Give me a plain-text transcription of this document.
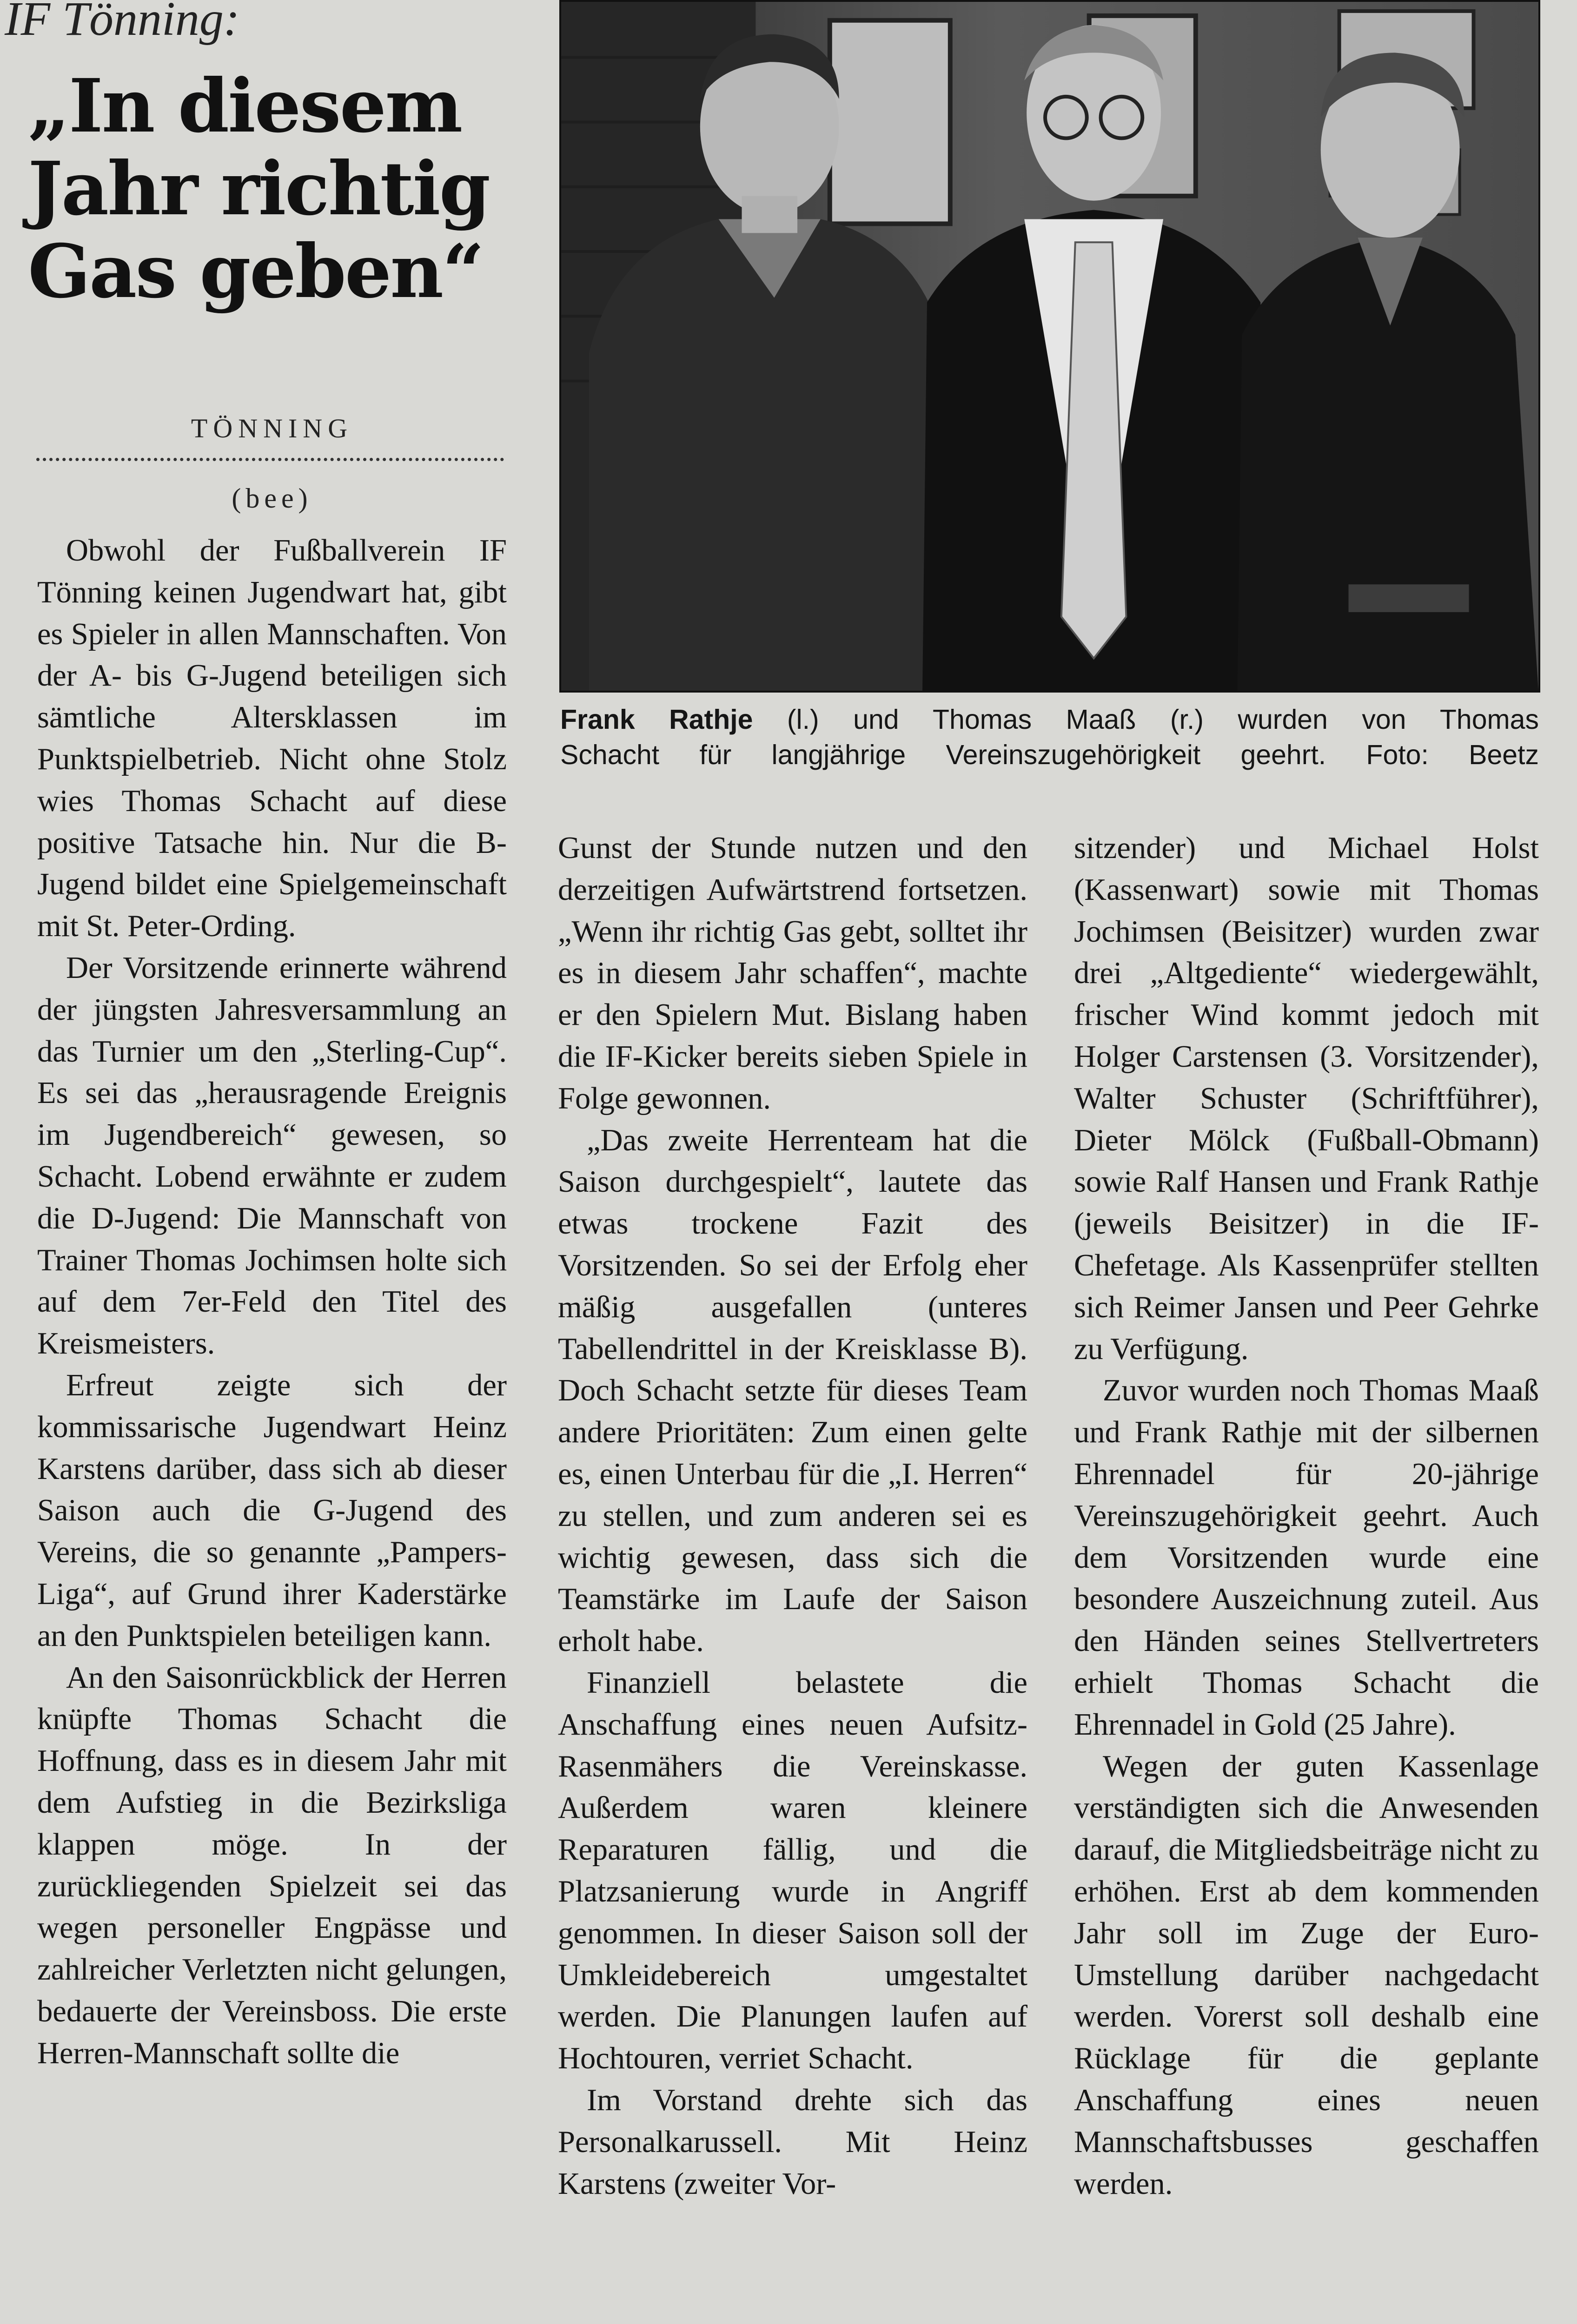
IF Tönning:
„In diesem
Jahr richtig
Gas geben“
TÖNNING
(bee)
Frank Rathje (l.) und Thomas Maaß (r.) wurden von Thomas
Schacht für langjährige Vereinszugehörigkeit geehrt. Foto: Beetz

Obwohl der Fußballverein IF Tönning keinen Jugendwart hat, gibt es Spieler in allen Mannschaften. Von der A- bis G-Jugend beteiligen sich sämtliche Altersklassen im Punktspielbetrieb. Nicht ohne Stolz wies Thomas Schacht auf diese positive Tatsache hin. Nur die B-Jugend bildet eine Spielgemeinschaft mit St. Peter-Ording.

Der Vorsitzende erinnerte während der jüngsten Jahresversammlung an das Turnier um den „Sterling-Cup“. Es sei das „herausragende Ereignis im Jugendbereich“ gewesen, so Schacht. Lobend erwähnte er zudem die D-Jugend: Die Mannschaft von Trainer Thomas Jochimsen holte sich auf dem 7er-Feld den Titel des Kreismeisters.

Erfreut zeigte sich der kommissarische Jugendwart Heinz Karstens darüber, dass sich ab dieser Saison auch die G-Jugend des Vereins, die so genannte „Pampers-Liga“, auf Grund ihrer Kaderstärke an den Punktspielen beteiligen kann.

An den Saisonrückblick der Herren knüpfte Thomas Schacht die Hoffnung, dass es in diesem Jahr mit dem Aufstieg in die Bezirksliga klappen möge. In der zurückliegenden Spielzeit sei das wegen personeller Engpässe und zahlreicher Verletzten nicht gelungen, bedauerte der Vereinsboss. Die erste Herren-Mannschaft sollte die

Gunst der Stunde nutzen und den derzeitigen Aufwärtstrend fortsetzen. „Wenn ihr richtig Gas gebt, solltet ihr es in diesem Jahr schaffen“, machte er den Spielern Mut. Bislang haben die IF-Kicker bereits sieben Spiele in Folge gewonnen.

„Das zweite Herrenteam hat die Saison durchgespielt“, lautete das etwas trockene Fazit des Vorsitzenden. So sei der Erfolg eher mäßig ausgefallen (unteres Tabellendrittel in der Kreisklasse B). Doch Schacht setzte für dieses Team andere Prioritäten: Zum einen gelte es, einen Unterbau für die „I. Herren“ zu stellen, und zum anderen sei es wichtig gewesen, dass sich die Teamstärke im Laufe der Saison erholt habe.

Finanziell belastete die Anschaffung eines neuen Aufsitz-Rasenmähers die Vereinskasse. Außerdem waren kleinere Reparaturen fällig, und die Platzsanierung wurde in Angriff genommen. In dieser Saison soll der Umkleidebereich umgestaltet werden. Die Planungen laufen auf Hochtouren, verriet Schacht.

Im Vorstand drehte sich das Personalkarussell. Mit Heinz Karstens (zweiter Vor-

sitzender) und Michael Holst (Kassenwart) sowie mit Thomas Jochimsen (Beisitzer) wurden zwar drei „Altgediente“ wiedergewählt, frischer Wind kommt jedoch mit Holger Carstensen (3. Vorsitzender), Walter Schuster (Schriftführer), Dieter Mölck (Fußball-Obmann) sowie Ralf Hansen und Frank Rathje (jeweils Beisitzer) in die IF-Chefetage. Als Kassenprüfer stellten sich Reimer Jansen und Peer Gehrke zu Verfügung.

Zuvor wurden noch Thomas Maaß und Frank Rathje mit der silbernen Ehrennadel für 20-jährige Vereinszugehörigkeit geehrt. Auch dem Vorsitzenden wurde eine besondere Auszeichnung zuteil. Aus den Händen seines Stellvertreters erhielt Thomas Schacht die Ehrennadel in Gold (25 Jahre).

Wegen der guten Kassenlage verständigten sich die Anwesenden darauf, die Mitgliedsbeiträge nicht zu erhöhen. Erst ab dem kommenden Jahr soll im Zuge der Euro-Umstellung darüber nachgedacht werden. Vorerst soll deshalb eine Rücklage für die geplante Anschaffung eines neuen Mannschaftsbusses geschaffen werden.
